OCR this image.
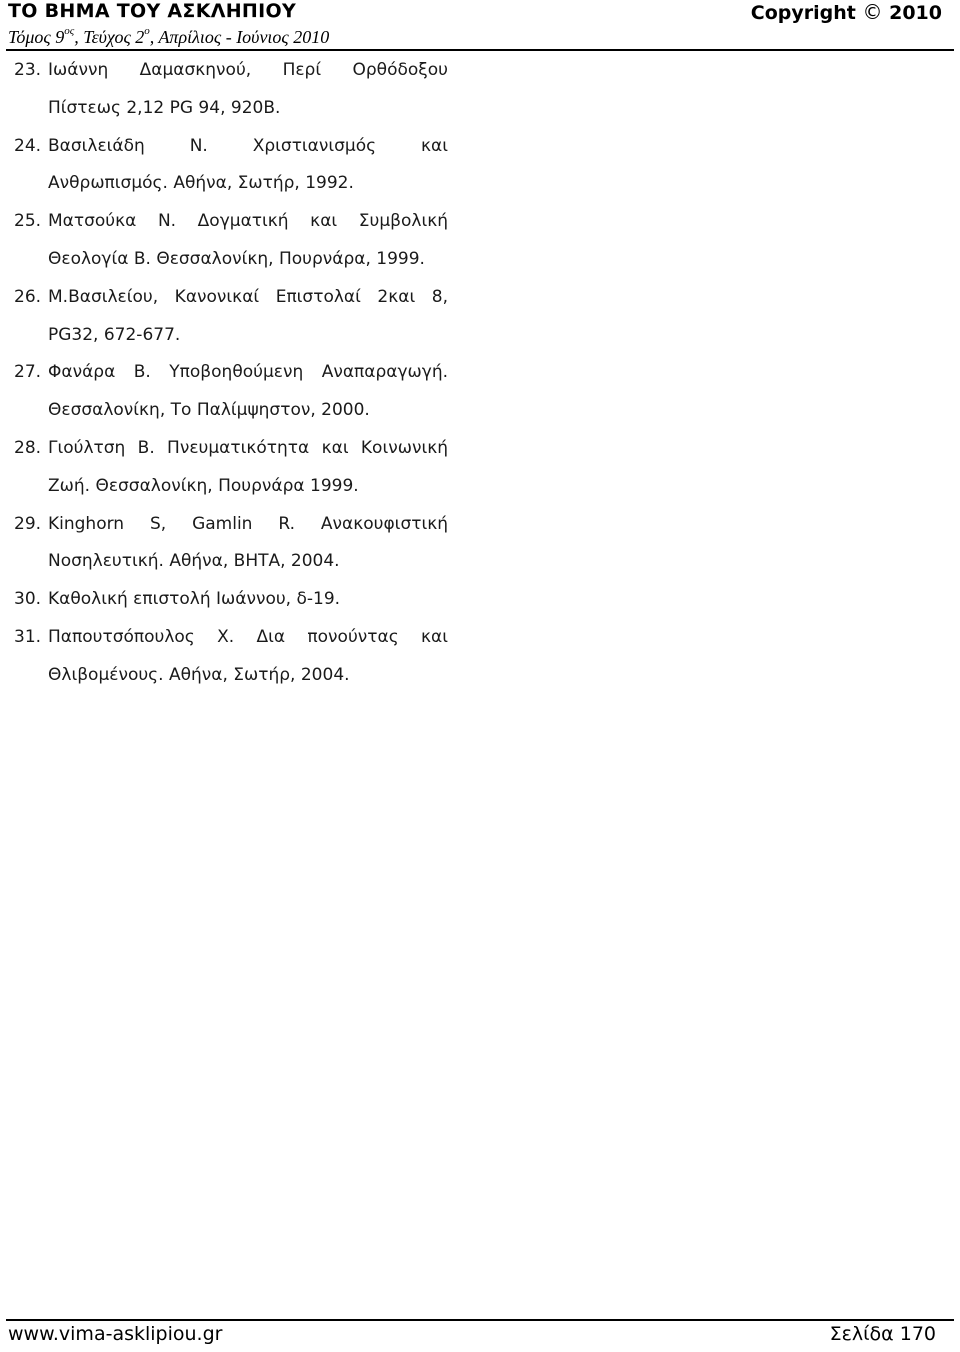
ΤΟ ΒΗΜΑ ΤΟΥ ΑΣΚΛΗΠΙΟΥ	Copyright © 2010
Τόμος $9^{o\varsigma}$, Τεύχος $2^o$, Απρίλιος - Ιούνιος 2010
23. Ιωάννη Δαμασκηνού, Περί Ορθόδοξου Πίστεως 2,12 PG 94, 920Β.
24. Βασιλειάδη Ν. Χριστιανισμός και Ανθρωπισμός. Αθήνα, Σωτήρ, 1992.
25. Ματσούκα Ν. Δογματική και Συμβολική Θεολογία Β. Θεσσαλονίκη, Πουρνάρα, 1999.
26. Μ.Βασιλείου, Κανονικαί Επιστολαί 2και 8, PG32, 672-677.
27. Φανάρα Β. Υποβοηθούμενη Αναπαραγωγή. Θεσσαλονίκη, Το Παλίμψηστον, 2000.
28. Γιούλτση Β. Πνευματικότητα και Κοινωνική Ζωή. Θεσσαλονίκη, Πουρνάρα 1999.
29. Kinghorn S, Gamlin R. Ανακουφιστική Νοσηλευτική. Αθήνα, ΒΗΤΑ, 2004.
30. Καθολική επιστολή Ιωάννου, δ-19.
31. Παπουτσόπουλος Χ. Δια πονούντας και Θλιβομένους. Αθήνα, Σωτήρ, 2004.
www.vima-asklipiou.gr	Σελίδα 170
